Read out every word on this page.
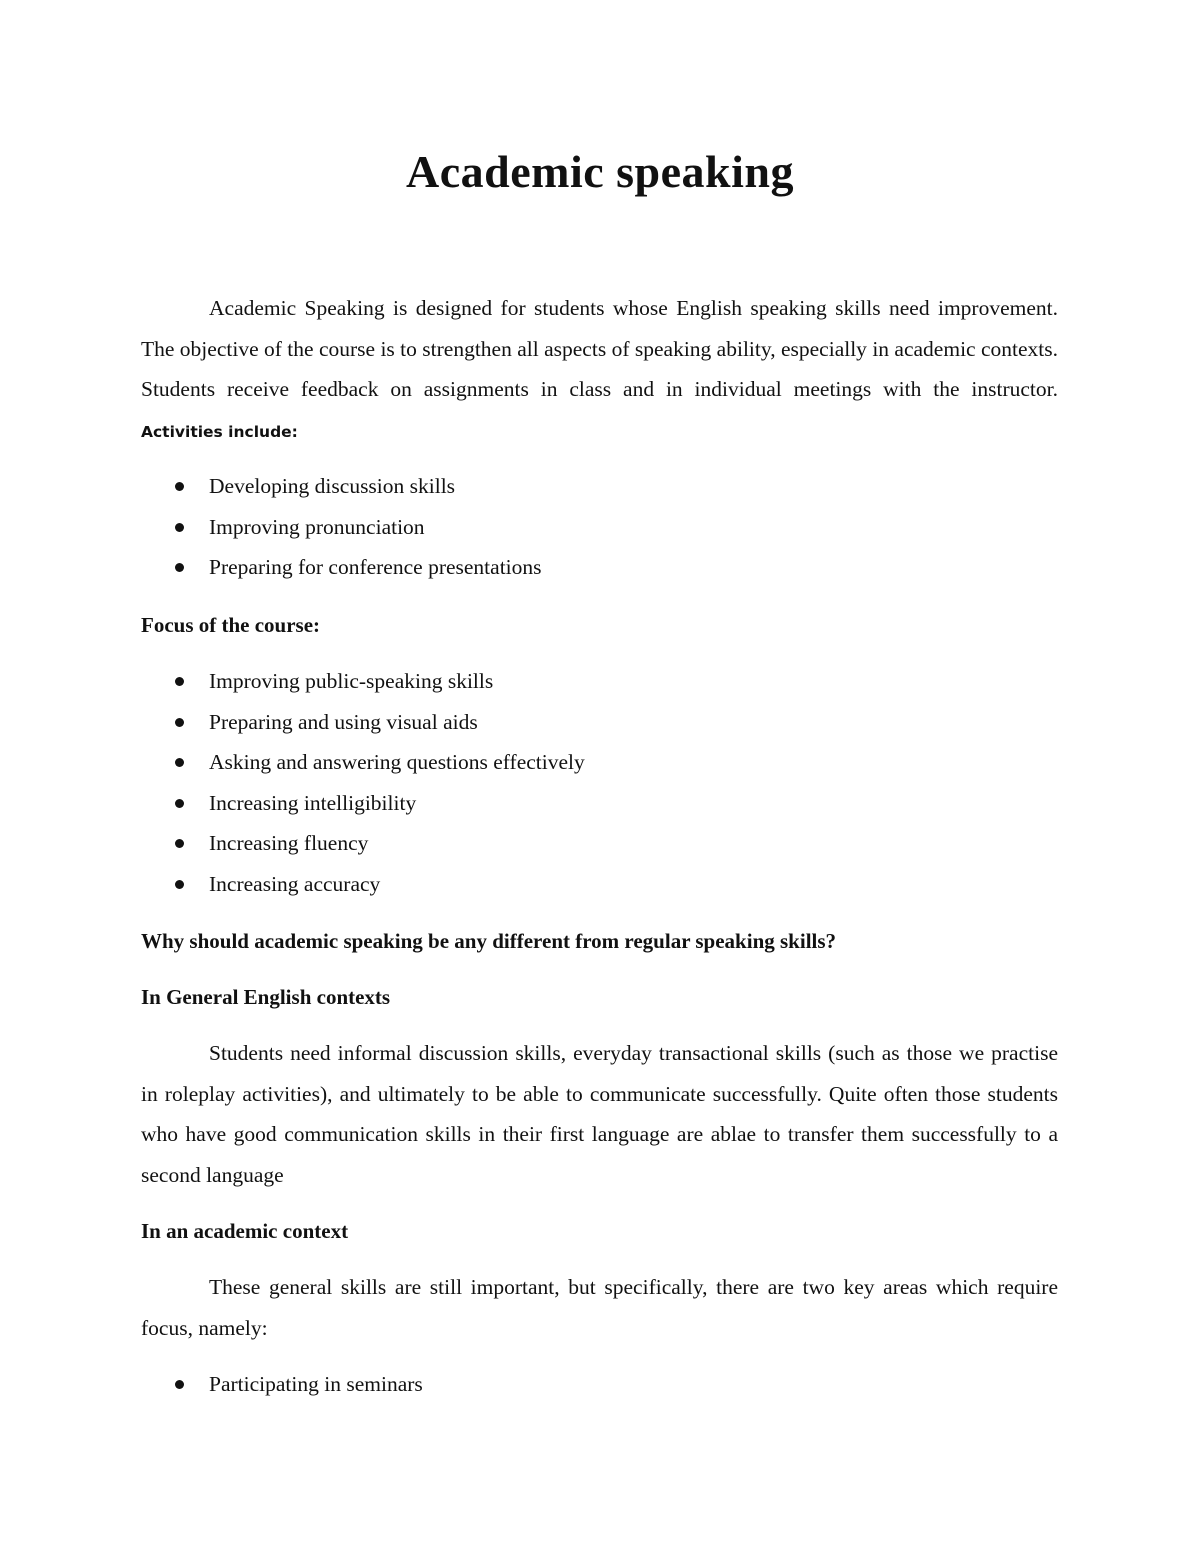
Academic speaking

Academic Speaking is designed for students whose English speaking skills need improvement. The objective of the course is to strengthen all aspects of speaking ability, especially in academic contexts. Students receive feedback on assignments in class and in individual meetings with the instructor. Activities include:

Developing discussion skills
Improving pronunciation
Preparing for conference presentations
Focus of the course:
Improving public-speaking skills
Preparing and using visual aids
Asking and answering questions effectively
Increasing intelligibility
Increasing fluency
Increasing accuracy
Why should academic speaking be any different from regular speaking skills?
In General English contexts

Students need informal discussion skills, everyday transactional skills (such as those we practise in roleplay activities), and ultimately to be able to communicate successfully. Quite often those students who have good communication skills in their first language are ablae to transfer them successfully to a second language

In an academic context

These general skills are still important, but specifically, there are two key areas which require focus, namely:

Participating in seminars
